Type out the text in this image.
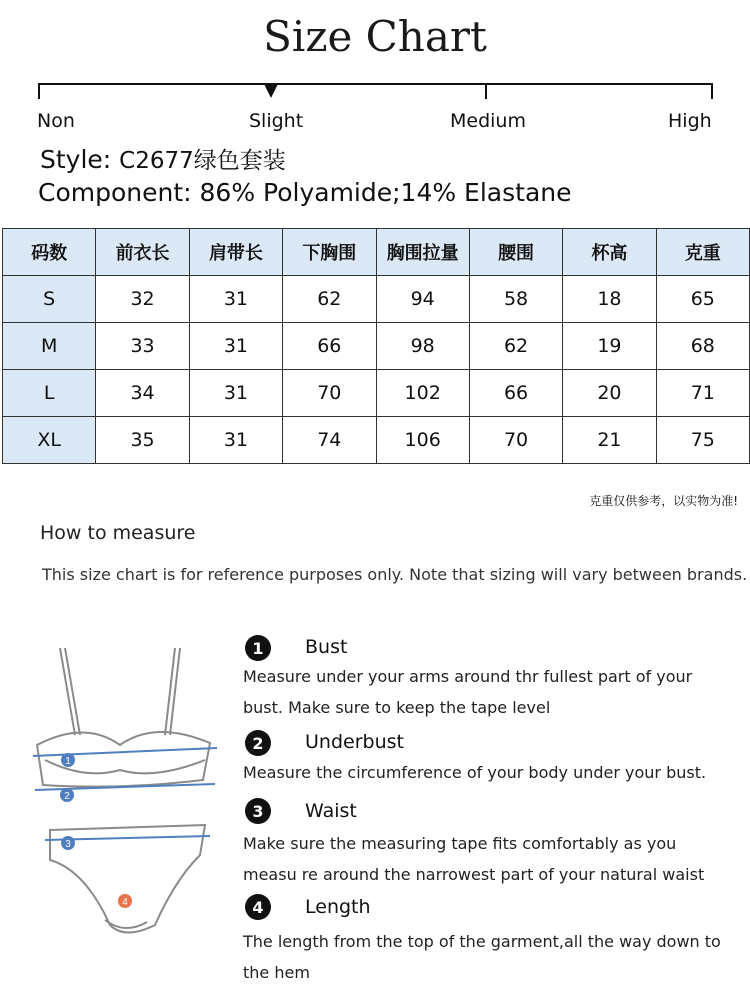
Size Chart
Non	Slight	Medium	High
Style: C2677绿色套装
Component: 86% Polyamide;14% Elastane
码数	前衣长	肩带长	下胸围	胸围拉量	腰围	杯高	克重
S	32	31	62	94	58	18	65
M	33	31	66	98	62	19	68
L	34	31	70	102	66	20	71
XL	35	31	74	106	70	21	75
克重仅供参考，以实物为准!
How to measure
This size chart is for reference purposes only. Note that sizing will vary between brands.
1
2
3
4
1	Bust
Measure under your arms around thr fullest part of your bust. Make sure to keep the tape level
2	Underbust
Measure the circumference of your body under your bust.
3	Waist
Make sure the measuring tape fits comfortably as you measu re around the narrowest part of your natural waist
4	Length
The length from the top of the garment,all the way down to the hem
